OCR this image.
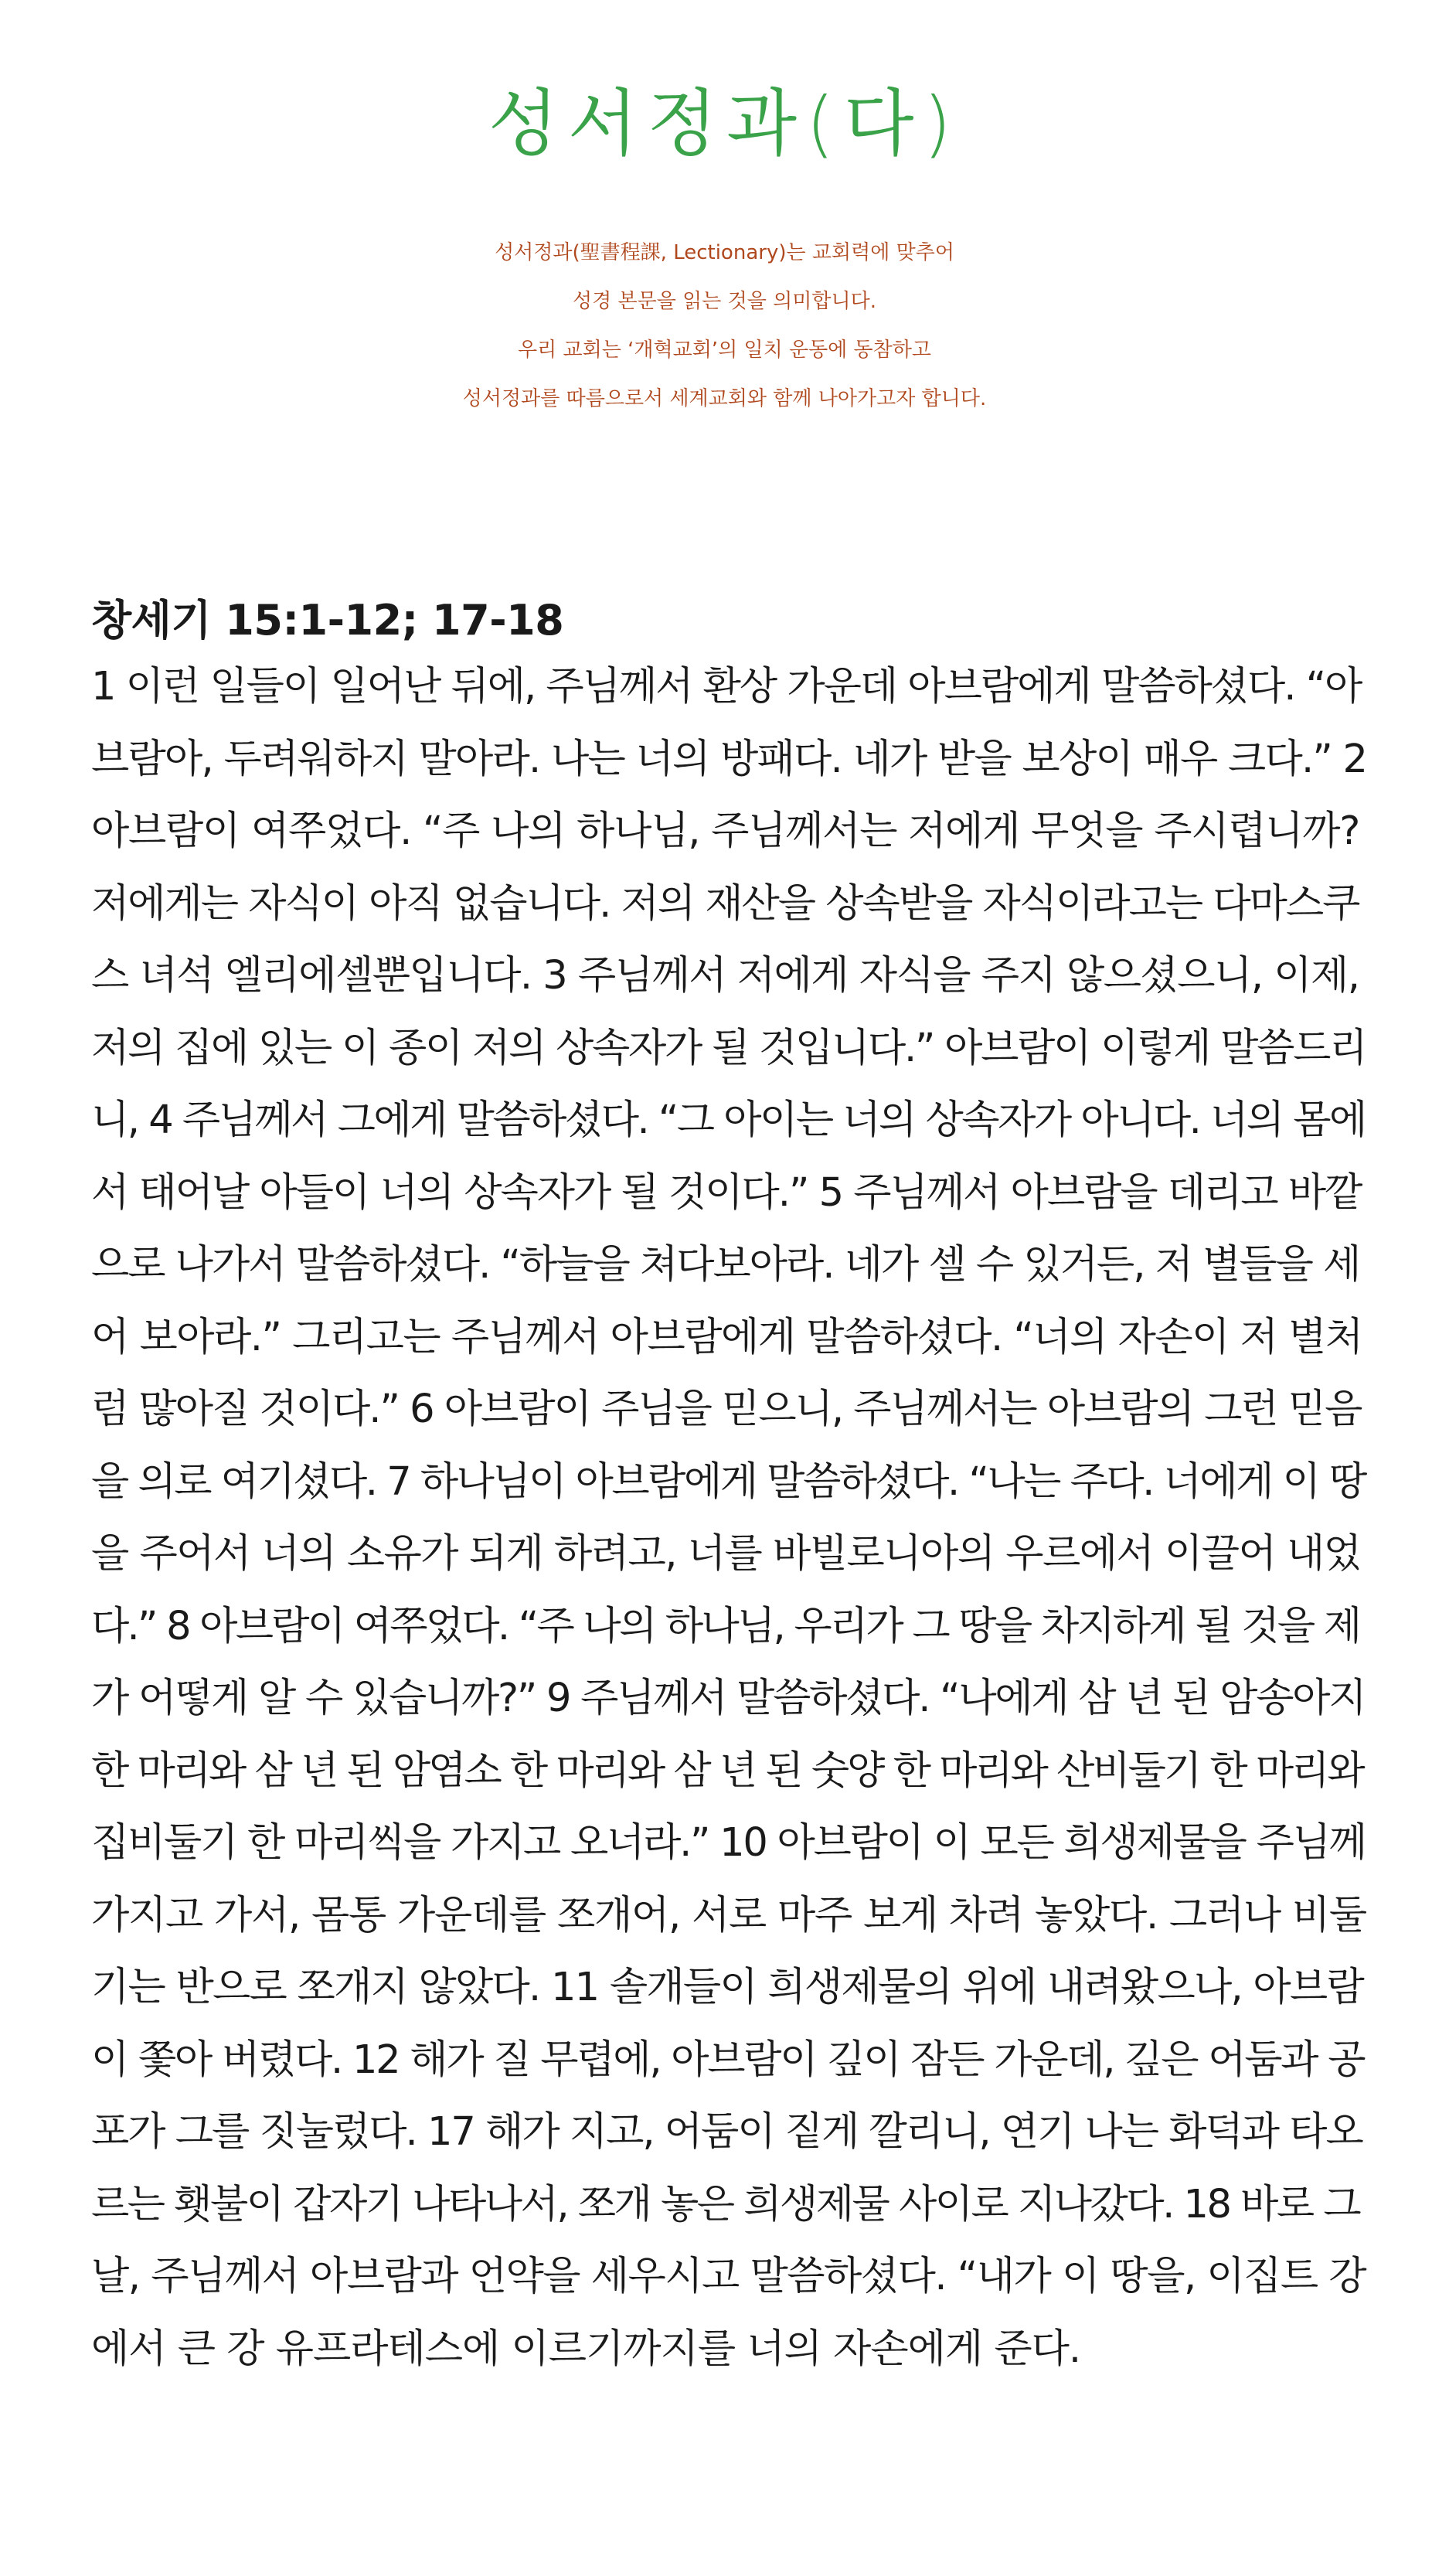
성서정과(다)
성서정과(聖書程課, Lectionary)는 교회력에 맞추어
성경 본문을 읽는 것을 의미합니다.
우리 교회는 ‘개혁교회’의 일치 운동에 동참하고
성서정과를 따름으로서 세계교회와 함께 나아가고자 합니다.
창세기 15:1-12; 17-18
1 이런 일들이 일어난 뒤에, 주님께서 환상 가운데 아브람에게 말씀하셨다. “아
브람아, 두려워하지 말아라. 나는 너의 방패다. 네가 받을 보상이 매우 크다.” 2
아브람이 여쭈었다. “주 나의 하나님, 주님께서는 저에게 무엇을 주시렵니까?
저에게는 자식이 아직 없습니다. 저의 재산을 상속받을 자식이라고는 다마스쿠
스 녀석 엘리에셀뿐입니다. 3 주님께서 저에게 자식을 주지 않으셨으니, 이제,
저의 집에 있는 이 종이 저의 상속자가 될 것입니다.” 아브람이 이렇게 말씀드리
니, 4 주님께서 그에게 말씀하셨다. “그 아이는 너의 상속자가 아니다. 너의 몸에
서 태어날 아들이 너의 상속자가 될 것이다.” 5 주님께서 아브람을 데리고 바깥
으로 나가서 말씀하셨다. “하늘을 쳐다보아라. 네가 셀 수 있거든, 저 별들을 세
어 보아라.” 그리고는 주님께서 아브람에게 말씀하셨다. “너의 자손이 저 별처
럼 많아질 것이다.” 6 아브람이 주님을 믿으니, 주님께서는 아브람의 그런 믿음
을 의로 여기셨다. 7 하나님이 아브람에게 말씀하셨다. “나는 주다. 너에게 이 땅
을 주어서 너의 소유가 되게 하려고, 너를 바빌로니아의 우르에서 이끌어 내었
다.” 8 아브람이 여쭈었다. “주 나의 하나님, 우리가 그 땅을 차지하게 될 것을 제
가 어떻게 알 수 있습니까?” 9 주님께서 말씀하셨다. “나에게 삼 년 된 암송아지
한 마리와 삼 년 된 암염소 한 마리와 삼 년 된 숫양 한 마리와 산비둘기 한 마리와
집비둘기 한 마리씩을 가지고 오너라.” 10 아브람이 이 모든 희생제물을 주님께
가지고 가서, 몸통 가운데를 쪼개어, 서로 마주 보게 차려 놓았다. 그러나 비둘
기는 반으로 쪼개지 않았다. 11 솔개들이 희생제물의 위에 내려왔으나, 아브람
이 쫓아 버렸다. 12 해가 질 무렵에, 아브람이 깊이 잠든 가운데, 깊은 어둠과 공
포가 그를 짓눌렀다. 17 해가 지고, 어둠이 짙게 깔리니, 연기 나는 화덕과 타오
르는 횃불이 갑자기 나타나서, 쪼개 놓은 희생제물 사이로 지나갔다. 18 바로 그
날, 주님께서 아브람과 언약을 세우시고 말씀하셨다. “내가 이 땅을, 이집트 강
에서 큰 강 유프라테스에 이르기까지를 너의 자손에게 준다.
